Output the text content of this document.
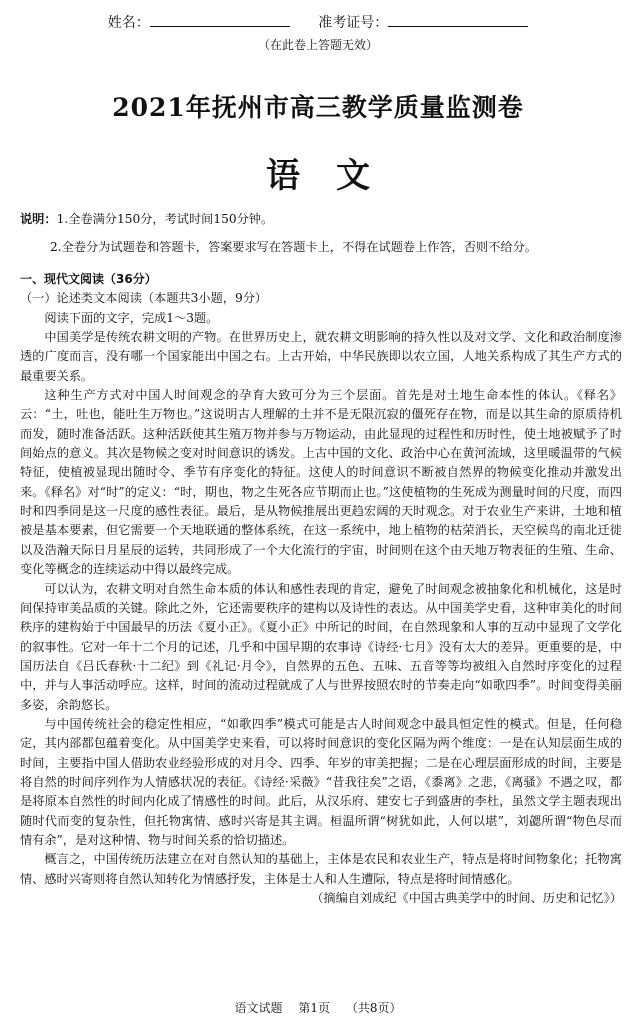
姓名：	准考证号：
（在此卷上答题无效）
2021年抚州市高三教学质量监测卷
语文
说明：1.全卷满分150分，考试时间150分钟。
2.全卷分为试题卷和答题卡，答案要求写在答题卡上，不得在试题卷上作答，否则不给分。

一、现代文阅读（36分）

（一）论述类文本阅读（本题共3小题，9分）

阅读下面的文字，完成1～3题。

中国美学是传统农耕文明的产物。在世界历史上，就农耕文明影响的持久性以及对文学、文化和政治制度渗透的广度而言，没有哪一个国家能出中国之右。上古开始，中华民族即以农立国，人地关系构成了其生产方式的最重要关系。

这种生产方式对中国人时间观念的孕育大致可分为三个层面。首先是对土地生命本性的体认。《释名》云：“土，吐也，能吐生万物也。”这说明古人理解的土并不是无限沉寂的僵死存在物，而是以其生命的原质待机而发，随时准备活跃。这种活跃使其生殖万物并参与万物运动，由此显现的过程性和历时性，使土地被赋予了时间始点的意义。其次是物候之变对时间意识的诱发。上古中国的文化、政治中心在黄河流域，这里暖温带的气候特征，使植被显现出随时令、季节有序变化的特征。这使人的时间意识不断被自然界的物候变化推动并激发出来。《释名》对“时”的定义：“时，期也，物之生死各应节期而止也。”这使植物的生死成为测量时间的尺度，而四时和四季同是这一尺度的感性表征。最后，是从物候推展出更趋宏阔的天时观念。对于农业生产来讲，土地和植被是基本要素，但它需要一个天地联通的整体系统，在这一系统中，地上植物的枯荣消长，天空候鸟的南北迁徙以及浩瀚天际日月星辰的运转，共同形成了一个大化流行的宇宙，时间则在这个由天地万物表征的生殖、生命、变化等概念的连续运动中得以最终完成。

可以认为，农耕文明对自然生命本质的体认和感性表现的肯定，避免了时间观念被抽象化和机械化，这是时间保持审美品质的关键。除此之外，它还需要秩序的建构以及诗性的表达。从中国美学史看，这种审美化的时间秩序的建构始于中国最早的历法《夏小正》。《夏小正》中所记的时间，在自然现象和人事的互动中显现了文学化的叙事性。它对一年十二个月的记述，几乎和中国早期的农事诗《诗经·七月》没有太大的差异。更重要的是，中国历法自《吕氏春秋·十二纪》到《礼记·月令》，自然界的五色、五味、五音等等均被组入自然时序变化的过程中，并与人事活动呼应。这样，时间的流动过程就成了人与世界按照农时的节奏走向“如歌四季”。时间变得美丽多姿，余韵悠长。

与中国传统社会的稳定性相应，“如歌四季”模式可能是古人时间观念中最具恒定性的模式。但是，任何稳定，其内部都包蕴着变化。从中国美学史来看，可以将时间意识的变化区隔为两个维度：一是在认知层面生成的时间，主要指中国人借助农业经验形成的对月令、四季、年岁的审美把握；二是在心理层面形成的时间，主要是将自然的时间序列作为人情感状况的表征。《诗经·采薇》“昔我往矣”之语，《黍离》之悲，《离骚》不遇之叹，都是将原本自然性的时间内化成了情感性的时间。此后，从汉乐府、建安七子到盛唐的李杜，虽然文学主题表现出随时代而变的复杂性，但托物寓情、感时兴寄是其主调。桓温所谓“树犹如此，人何以堪”，刘勰所谓“物色尽而情有余”，是对这种情、物与时间关系的恰切描述。

概言之，中国传统历法建立在对自然认知的基础上，主体是农民和农业生产，特点是将时间物象化；托物寓情、感时兴寄则将自然认知转化为情感抒发，主体是士人和人生遭际，特点是将时间情感化。

（摘编自刘成纪《中国古典美学中的时间、历史和记忆》）

语文试题 第1页 （共8页）
